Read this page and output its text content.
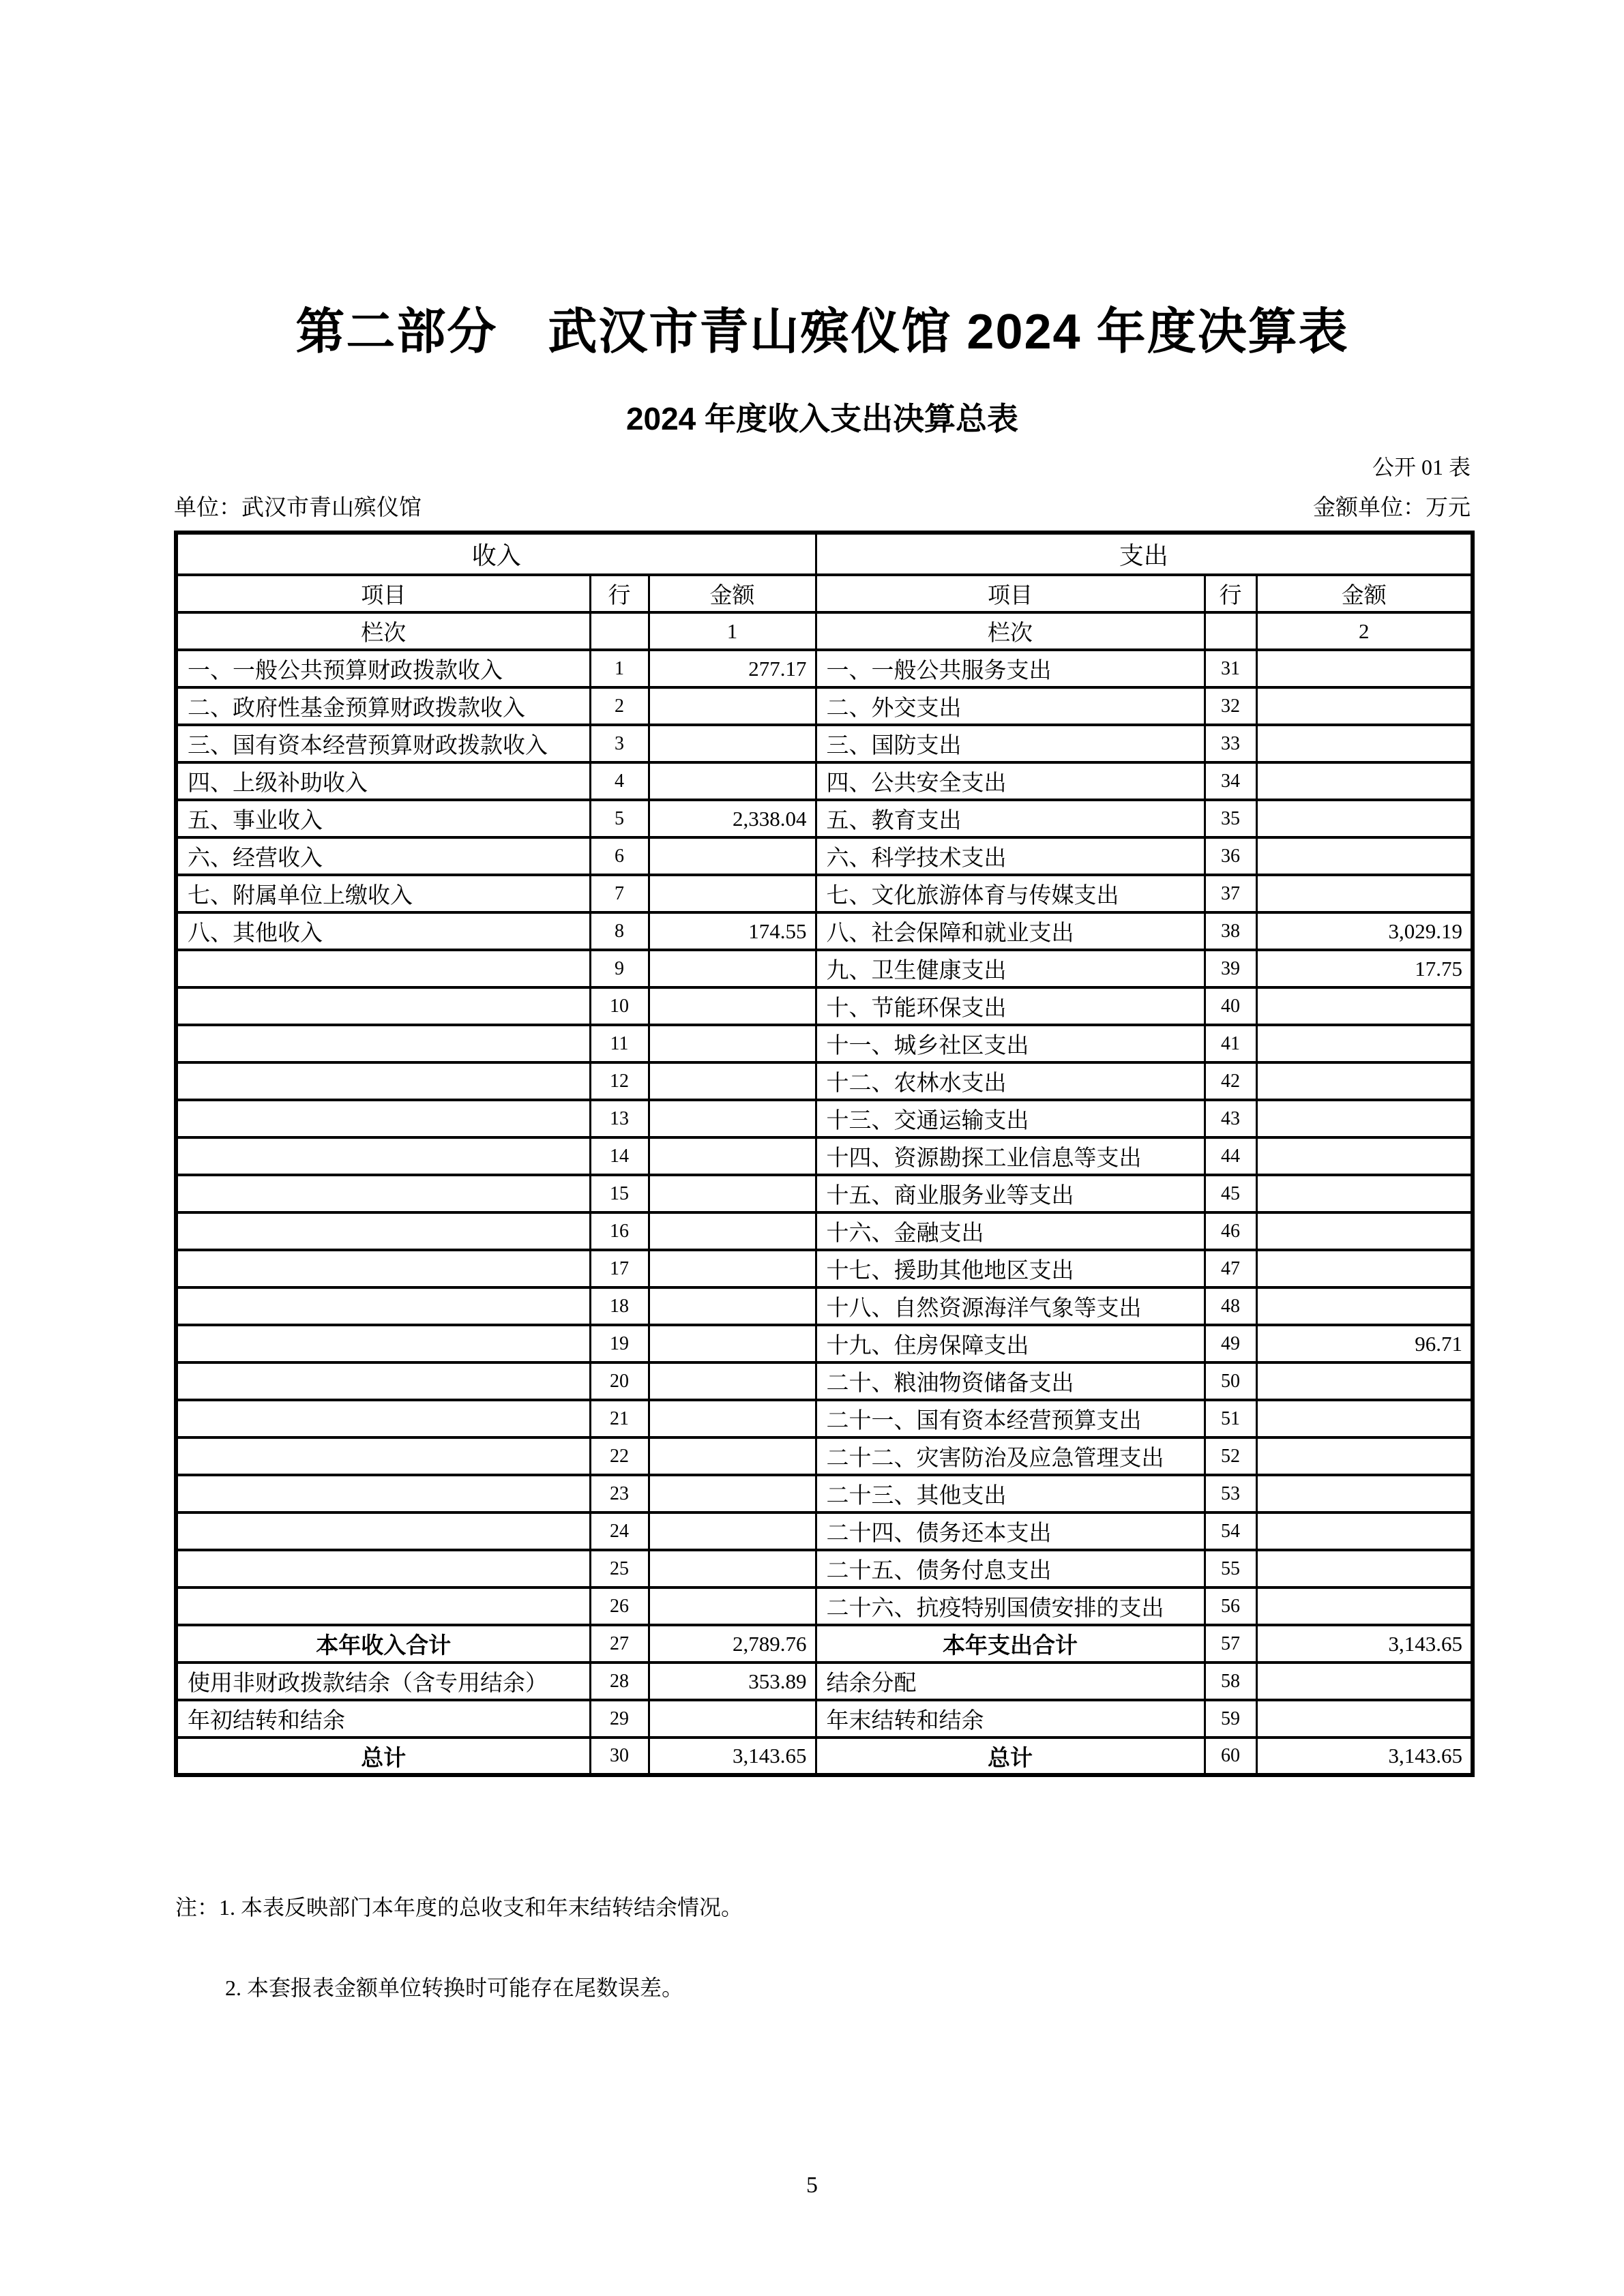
第二部分　武汉市青山殡仪馆 2024 年度决算表
2024 年度收入支出决算总表
公开 01 表
单位：武汉市青山殡仪馆	金额单位：万元
收入			支出		
项目	行	金额	项目	行	金额
栏次		1	栏次		2
一、一般公共预算财政拨款收入	1	277.17	一、一般公共服务支出	31	
二、政府性基金预算财政拨款收入	2		二、外交支出	32	
三、国有资本经营预算财政拨款收入	3		三、国防支出	33	
四、上级补助收入	4		四、公共安全支出	34	
五、事业收入	5	2,338.04	五、教育支出	35	
六、经营收入	6		六、科学技术支出	36	
七、附属单位上缴收入	7		七、文化旅游体育与传媒支出	37	
八、其他收入	8	174.55	八、社会保障和就业支出	38	3,029.19
	9		九、卫生健康支出	39	17.75
	10		十、节能环保支出	40	
	11		十一、城乡社区支出	41	
	12		十二、农林水支出	42	
	13		十三、交通运输支出	43	
	14		十四、资源勘探工业信息等支出	44	
	15		十五、商业服务业等支出	45	
	16		十六、金融支出	46	
	17		十七、援助其他地区支出	47	
	18		十八、自然资源海洋气象等支出	48	
	19		十九、住房保障支出	49	96.71
	20		二十、粮油物资储备支出	50	
	21		二十一、国有资本经营预算支出	51	
	22		二十二、灾害防治及应急管理支出	52	
	23		二十三、其他支出	53	
	24		二十四、债务还本支出	54	
	25		二十五、债务付息支出	55	
	26		二十六、抗疫特别国债安排的支出	56	
本年收入合计	27	2,789.76	本年支出合计	57	3,143.65
使用非财政拨款结余（含专用结余）	28	353.89	结余分配	58	
年初结转和结余	29		年末结转和结余	59	
总计	30	3,143.65	总计	60	3,143.65
注：1. 本表反映部门本年度的总收支和年末结转结余情况。
2. 本套报表金额单位转换时可能存在尾数误差。
5
